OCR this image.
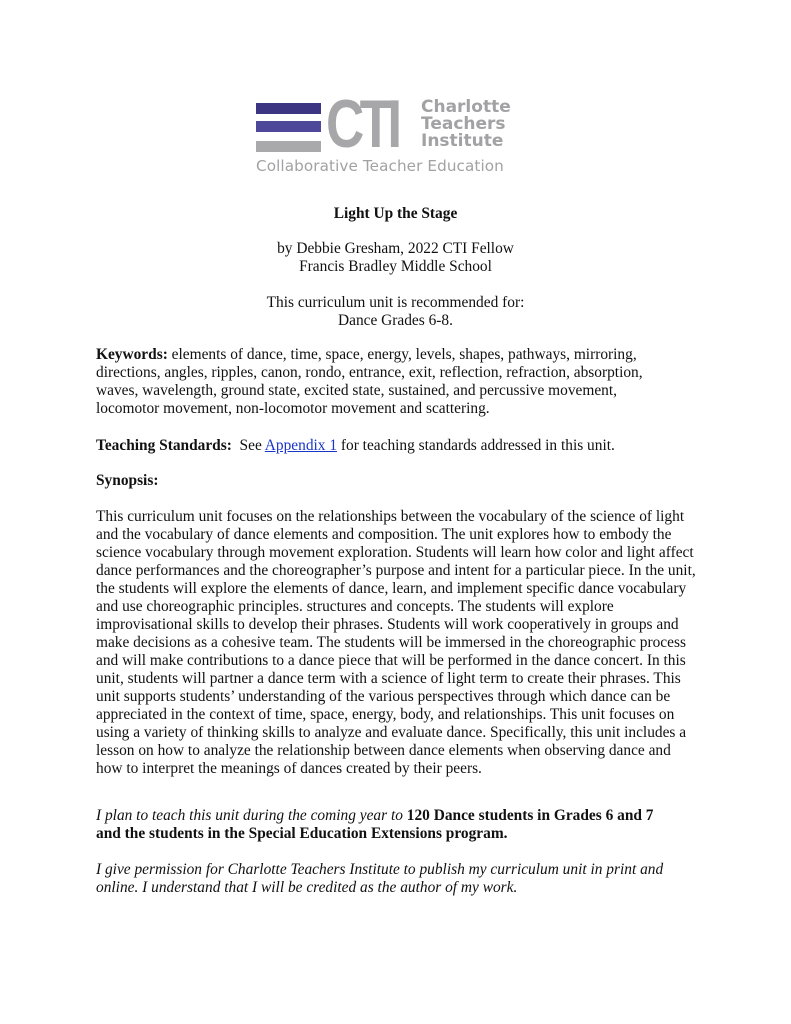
CTI Charlotte
Teachers
Institute
Collaborative Teacher Education
Light Up the Stage
by Debbie Gresham, 2022 CTI Fellow
Francis Bradley Middle School
This curriculum unit is recommended for:
Dance Grades 6-8.
Keywords: elements of dance, time, space, energy, levels, shapes, pathways, mirroring,
directions, angles, ripples, canon, rondo, entrance, exit, reflection, refraction, absorption,
waves, wavelength, ground state, excited state, sustained, and percussive movement,
locomotor movement, non-locomotor movement and scattering.
Teaching Standards:  See Appendix 1 for teaching standards addressed in this unit.
Synopsis:
This curriculum unit focuses on the relationships between the vocabulary of the science of light
and the vocabulary of dance elements and composition. The unit explores how to embody the
science vocabulary through movement exploration. Students will learn how color and light affect
dance performances and the choreographer’s purpose and intent for a particular piece. In the unit,
the students will explore the elements of dance, learn, and implement specific dance vocabulary
and use choreographic principles. structures and concepts. The students will explore
improvisational skills to develop their phrases. Students will work cooperatively in groups and
make decisions as a cohesive team. The students will be immersed in the choreographic process
and will make contributions to a dance piece that will be performed in the dance concert. In this
unit, students will partner a dance term with a science of light term to create their phrases. This
unit supports students’ understanding of the various perspectives through which dance can be
appreciated in the context of time, space, energy, body, and relationships. This unit focuses on
using a variety of thinking skills to analyze and evaluate dance. Specifically, this unit includes a
lesson on how to analyze the relationship between dance elements when observing dance and
how to interpret the meanings of dances created by their peers.
I plan to teach this unit during the coming year to 120 Dance students in Grades 6 and 7
and the students in the Special Education Extensions program.
I give permission for Charlotte Teachers Institute to publish my curriculum unit in print and
online. I understand that I will be credited as the author of my work.
